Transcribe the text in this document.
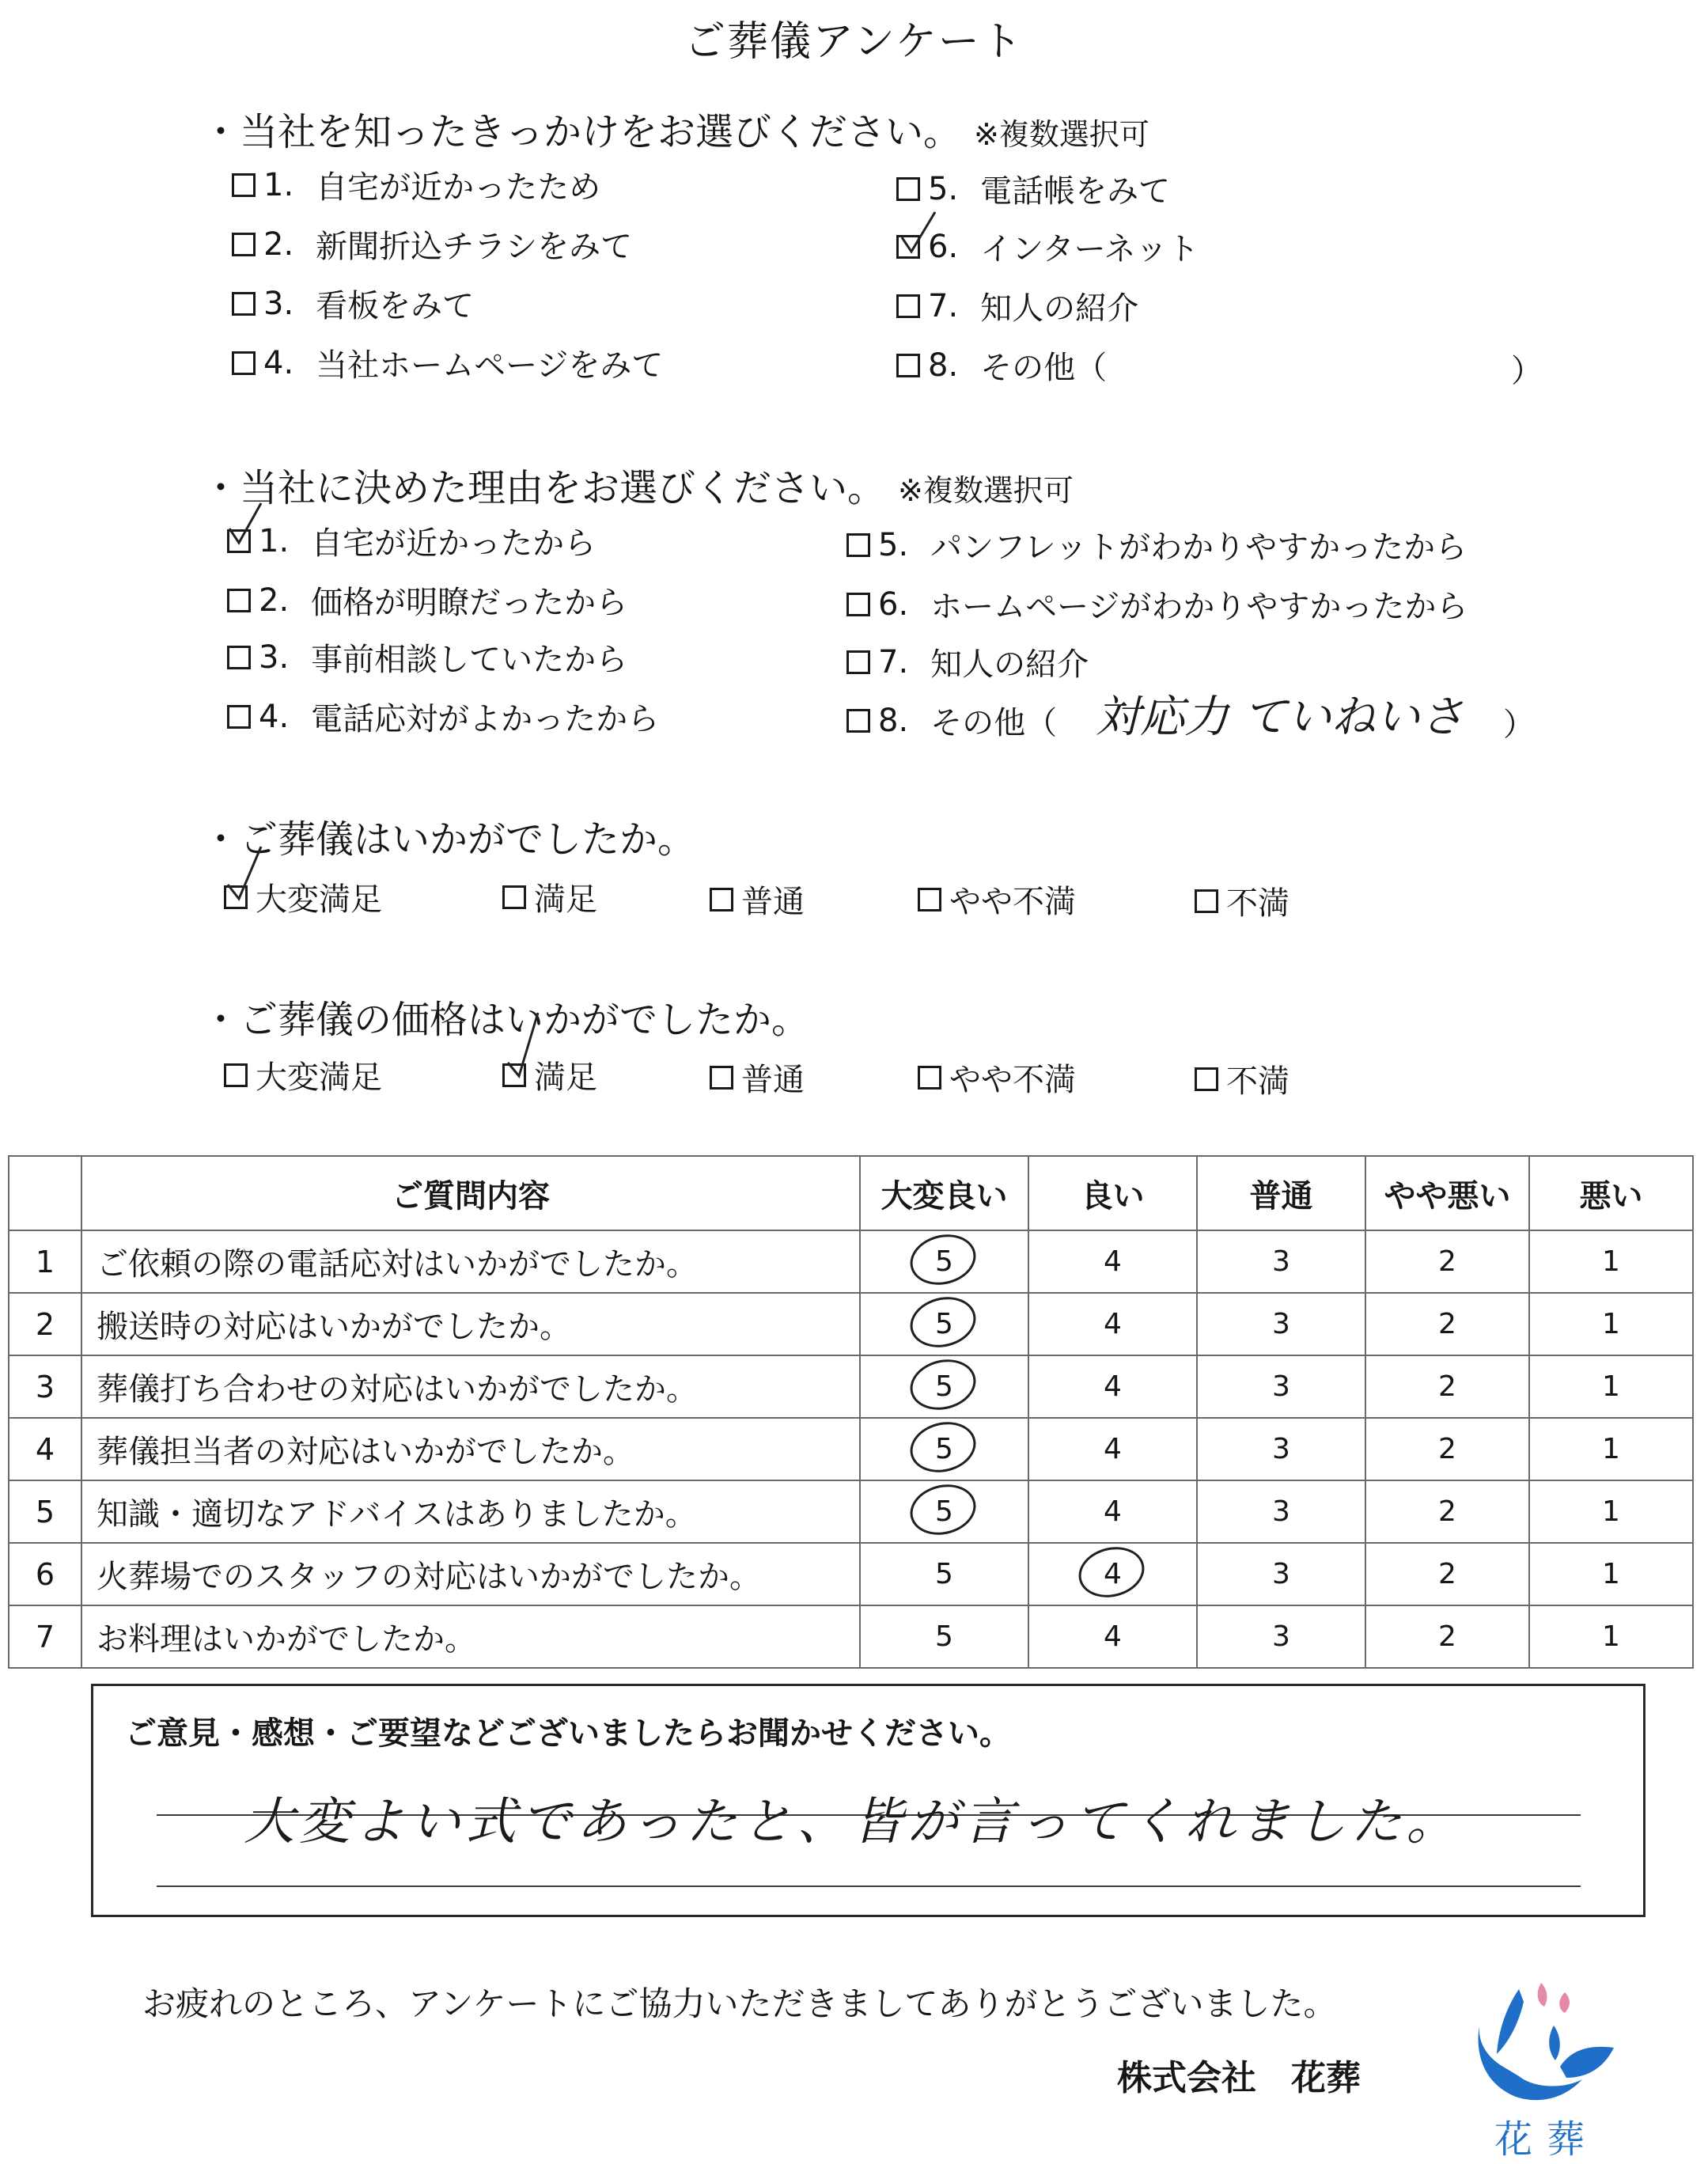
ご葬儀アンケート
・当社を知ったきっかけをお選びください。 ※複数選択可
1. 自宅が近かったため
2. 新聞折込チラシをみて
3. 看板をみて
4. 当社ホームページをみて
5. 電話帳をみて
6. インターネット
7. 知人の紹介
8. その他（	）
・当社に決めた理由をお選びください。 ※複数選択可
1. 自宅が近かったから
2. 価格が明瞭だったから
3. 事前相談していたから
4. 電話応対がよかったから
5. パンフレットがわかりやすかったから
6. ホームページがわかりやすかったから
7. 知人の紹介
8. その他（ 対応力 ていねいさ ）
・ご葬儀はいかがでしたか。
大変満足	満足	普通	やや不満	不満
・ご葬儀の価格はいかがでしたか。
大変満足	満足	普通	やや不満	不満
	ご質問内容	大変良い	良い	普通	やや悪い	悪い
1	ご依頼の際の電話応対はいかがでしたか。	5	4	3	2	1
2	搬送時の対応はいかがでしたか。	5	4	3	2	1
3	葬儀打ち合わせの対応はいかがでしたか。	5	4	3	2	1
4	葬儀担当者の対応はいかがでしたか。	5	4	3	2	1
5	知識・適切なアドバイスはありましたか。	5	4	3	2	1
6	火葬場でのスタッフの対応はいかがでしたか。	5	4	3	2	1
7	お料理はいかがでしたか。	5	4	3	2	1
ご意見・感想・ご要望などございましたらお聞かせください。
大変よい式であったと、皆が言ってくれました。
お疲れのところ、アンケートにご協力いただきましてありがとうございました。
株式会社　花葬
花葬
